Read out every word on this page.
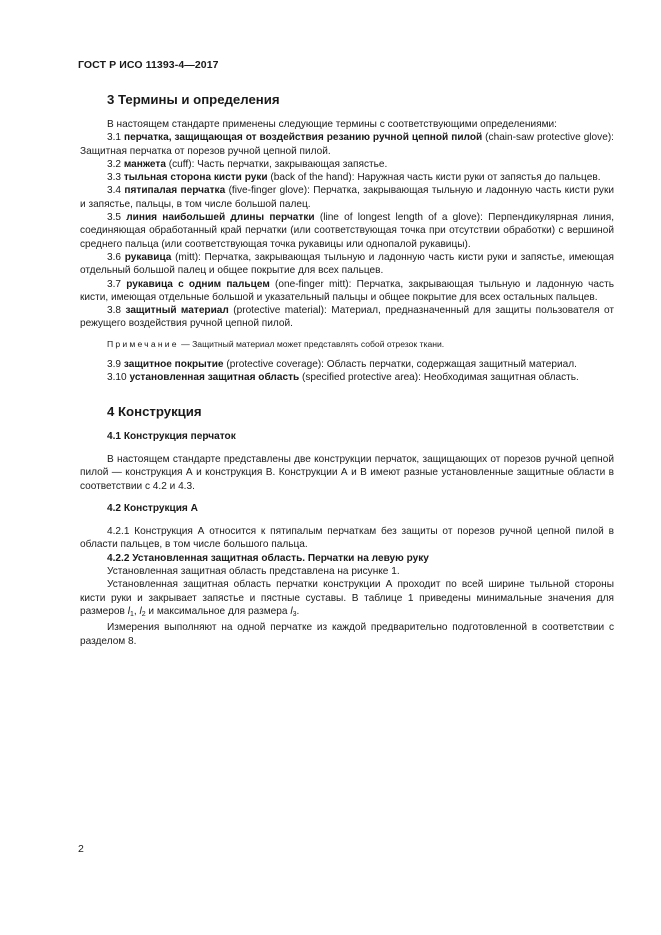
ГОСТ Р ИСО 11393-4—2017
3 Термины и определения

В настоящем стандарте применены следующие термины с соответствующими определениями:

3.1 перчатка, защищающая от воздействия резанию ручной цепной пилой (chain-saw protective glove): Защитная перчатка от порезов ручной цепной пилой.

3.2 манжета (cuff): Часть перчатки, закрывающая запястье.

3.3 тыльная сторона кисти руки (back of the hand): Наружная часть кисти руки от запястья до пальцев.

3.4 пятипалая перчатка (five-finger glove): Перчатка, закрывающая тыльную и ладонную часть кисти руки и запястье, пальцы, в том числе большой палец.

3.5 линия наибольшей длины перчатки (line of longest length of a glove): Перпендикулярная линия, соединяющая обработанный край перчатки (или соответствующая точка при отсутствии обработки) с вершиной среднего пальца (или соответствующая точка рукавицы или однопалой рукавицы).

3.6 рукавица (mitt): Перчатка, закрывающая тыльную и ладонную часть кисти руки и запястье, имеющая отдельный большой палец и общее покрытие для всех пальцев.

3.7 рукавица с одним пальцем (one-finger mitt): Перчатка, закрывающая тыльную и ладонную часть кисти, имеющая отдельные большой и указательный пальцы и общее покрытие для всех остальных пальцев.

3.8 защитный материал (protective material): Материал, предназначенный для защиты пользователя от режущего воздействия ручной цепной пилой.

Примечание — Защитный материал может представлять собой отрезок ткани.

3.9 защитное покрытие (protective coverage): Область перчатки, содержащая защитный материал.

3.10 установленная защитная область (specified protective area): Необходимая защитная область.

4 Конструкция
4.1 Конструкция перчаток

В настоящем стандарте представлены две конструкции перчаток, защищающих от порезов ручной цепной пилой — конструкция А и конструкция В. Конструкции А и В имеют разные установленные защитные области в соответствии с 4.2 и 4.3.

4.2 Конструкция А

4.2.1 Конструкция А относится к пятипалым перчаткам без защиты от порезов ручной цепной пилой в области пальцев, в том числе большого пальца.

4.2.2 Установленная защитная область. Перчатки на левую руку

Установленная защитная область представлена на рисунке 1.

Установленная защитная область перчатки конструкции А проходит по всей ширине тыльной стороны кисти руки и закрывает запястье и пястные суставы. В таблице 1 приведены минимальные значения для размеров $l_1$, $l_2$ и максимальное для размера $l_3$.

Измерения выполняют на одной перчатке из каждой предварительно подготовленной в соответствии с разделом 8.

2
